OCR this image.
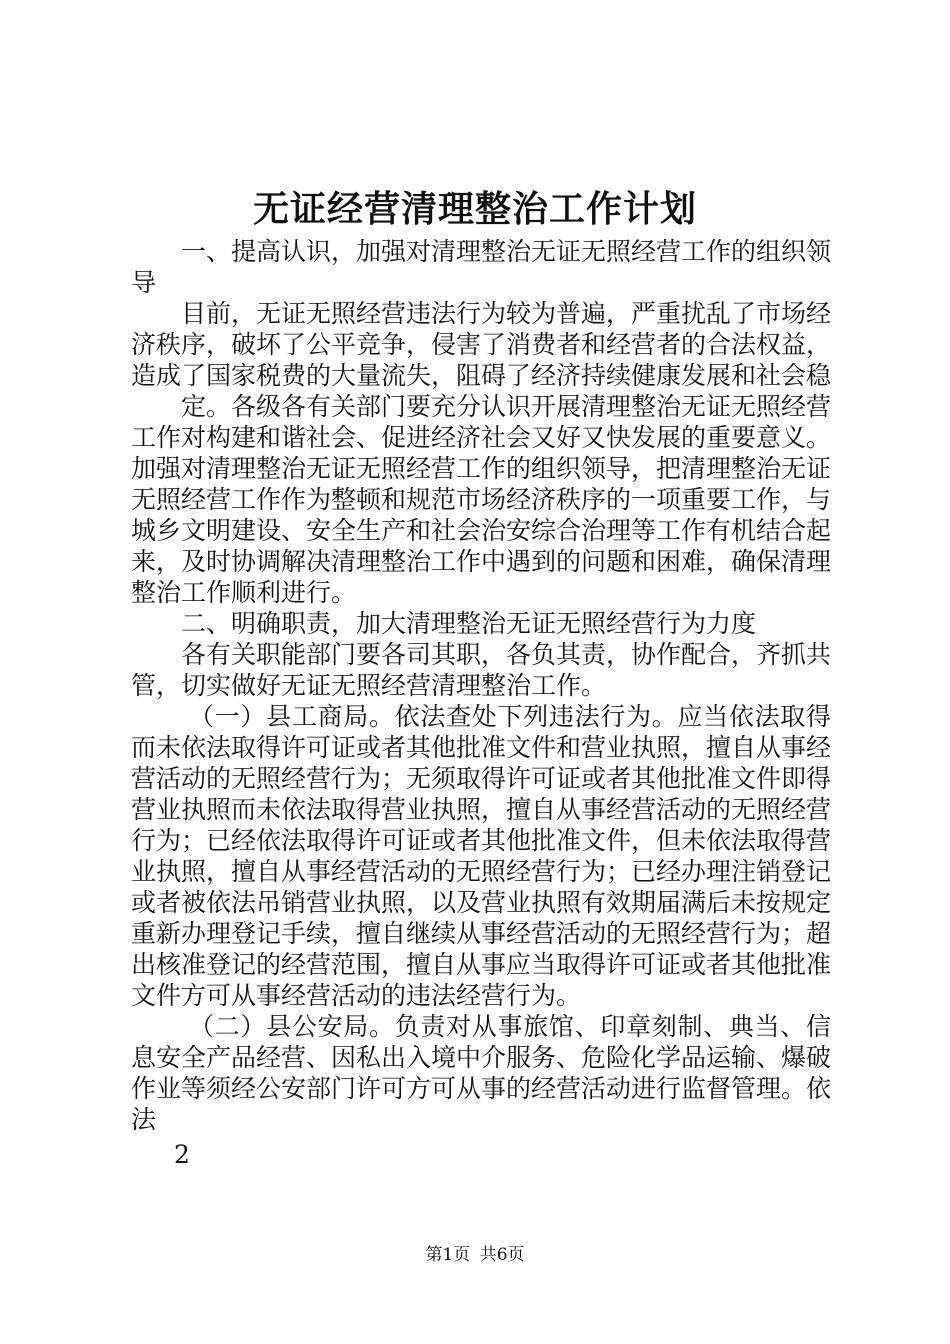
无证经营清理整治工作计划

一、提高认识，加强对清理整治无证无照经营工作的组织领导

目前，无证无照经营违法行为较为普遍，严重扰乱了市场经济秩序，破坏了公平竞争，侵害了消费者和经营者的合法权益，造成了国家税费的大量流失，阻碍了经济持续健康发展和社会稳

定。各级各有关部门要充分认识开展清理整治无证无照经营工作对构建和谐社会、促进经济社会又好又快发展的重要意义。加强对清理整治无证无照经营工作的组织领导，把清理整治无证无照经营工作作为整顿和规范市场经济秩序的一项重要工作，与城乡文明建设、安全生产和社会治安综合治理等工作有机结合起来，及时协调解决清理整治工作中遇到的问题和困难，确保清理整治工作顺利进行。

二、明确职责，加大清理整治无证无照经营行为力度

各有关职能部门要各司其职，各负其责，协作配合，齐抓共管，切实做好无证无照经营清理整治工作。

（一）县工商局。依法查处下列违法行为。应当依法取得而未依法取得许可证或者其他批准文件和营业执照，擅自从事经营活动的无照经营行为；无须取得许可证或者其他批准文件即得营业执照而未依法取得营业执照，擅自从事经营活动的无照经营行为；已经依法取得许可证或者其他批准文件，但未依法取得营业执照，擅自从事经营活动的无照经营行为；已经办理注销登记或者被依法吊销营业执照，以及营业执照有效期届满后未按规定重新办理登记手续，擅自继续从事经营活动的无照经营行为；超出核准登记的经营范围，擅自从事应当取得许可证或者其他批准文件方可从事经营活动的违法经营行为。

（二）县公安局。负责对从事旅馆、印章刻制、典当、信息安全产品经营、因私出入境中介服务、危险化学品运输、爆破作业等须经公安部门许可方可从事的经营活动进行监督管理。依法

2

第1页 共6页
